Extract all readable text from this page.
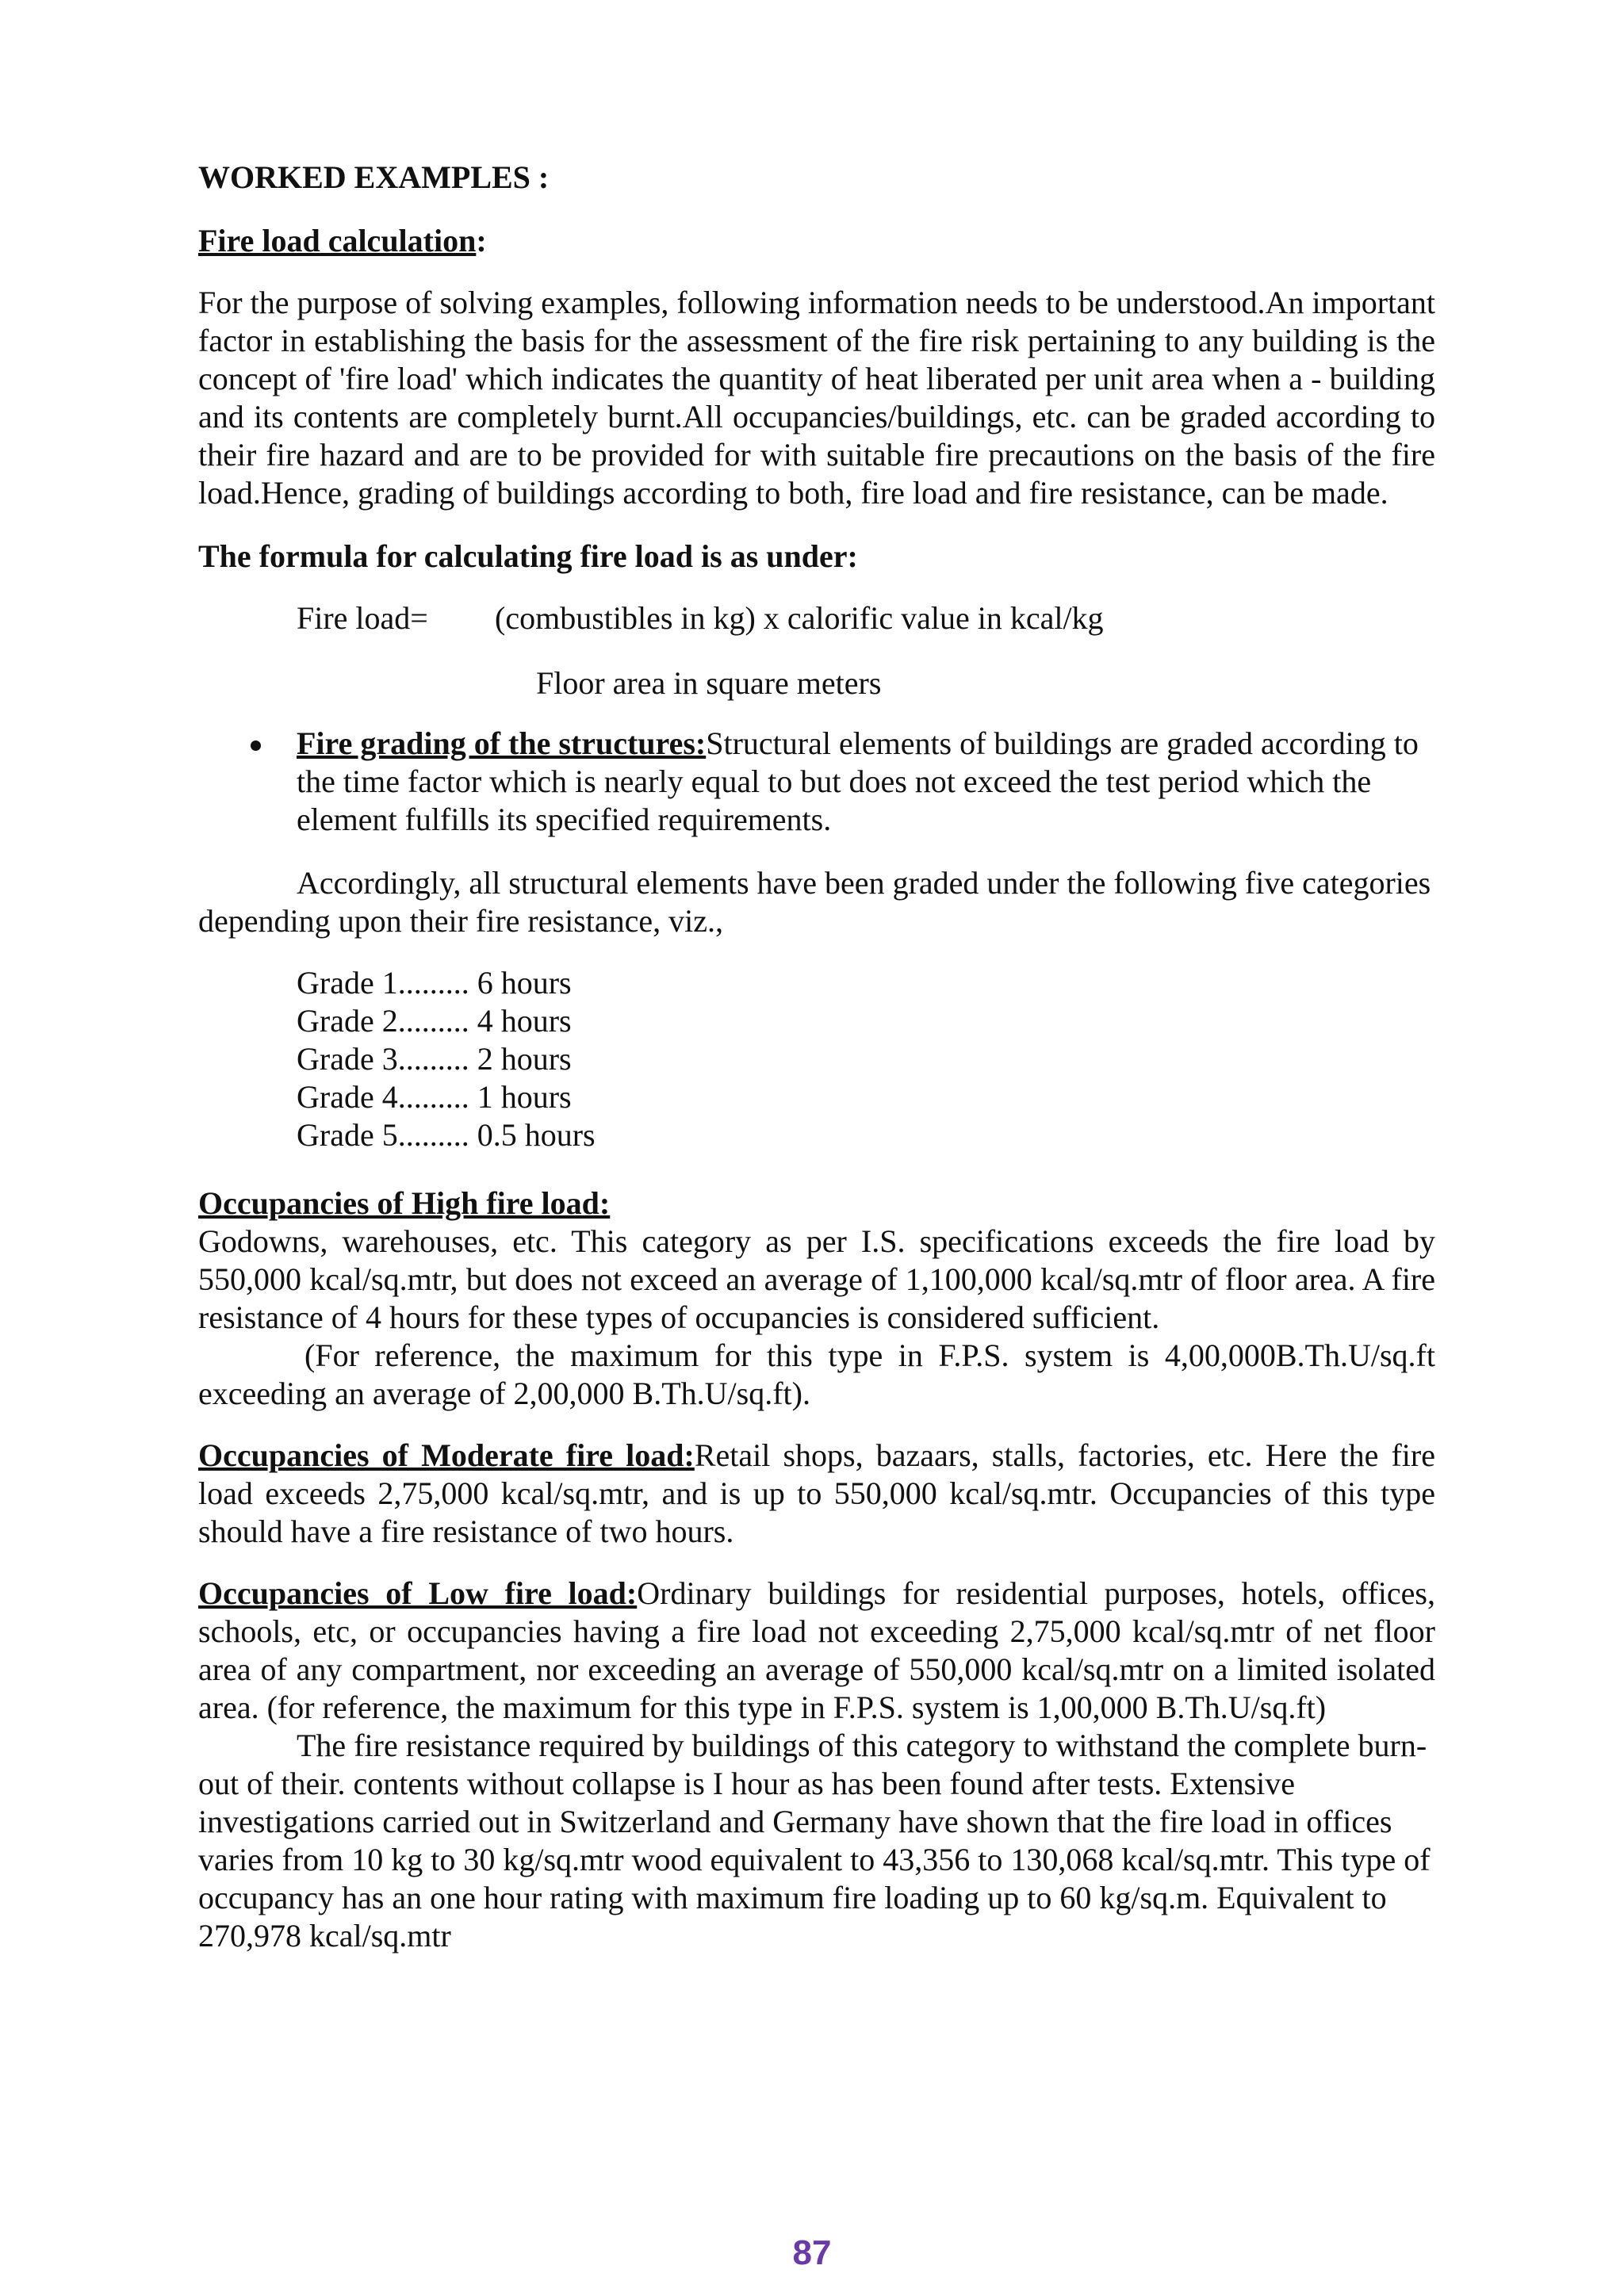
WORKED EXAMPLES :
Fire load calculation:

For the purpose of solving examples, following information needs to be understood.An important factor in establishing the basis for the assessment of the fire risk pertaining to any building is the concept of 'fire load' which indicates the quantity of heat liberated per unit area when a - building and its contents are completely burnt.All occupancies/buildings, etc. can be graded according to their fire hazard and are to be provided for with suitable fire precautions on the basis of the fire load.Hence, grading of buildings according to both, fire load and fire resistance, can be made.

The formula for calculating fire load is as under:
Fire load= (combustibles in kg) x calorific value in kcal/kg
Floor area in square meters
Fire grading of the structures:Structural elements of buildings are graded according to the time factor which is nearly equal to but does not exceed the test period which the element fulfills its specified requirements.

Accordingly, all structural elements have been graded under the following five categories depending upon their fire resistance, viz.,

Grade 1......... 6 hours
Grade 2......... 4 hours
Grade 3......... 2 hours
Grade 4......... 1 hours
Grade 5......... 0.5 hours
Occupancies of High fire load:

Godowns, warehouses, etc. This category as per I.S. specifications exceeds the fire load by 550,000 kcal/sq.mtr, but does not exceed an average of 1,100,000 kcal/sq.mtr of floor area. A fire resistance of 4 hours for these types of occupancies is considered sufficient.

(For reference, the maximum for this type in F.P.S. system is 4,00,000B.Th.U/sq.ft exceeding an average of 2,00,000 B.Th.U/sq.ft).

Occupancies of Moderate fire load:Retail shops, bazaars, stalls, factories, etc. Here the fire load exceeds 2,75,000 kcal/sq.mtr, and is up to 550,000 kcal/sq.mtr. Occupancies of this type should have a fire resistance of two hours.

Occupancies of Low fire load:Ordinary buildings for residential purposes, hotels, offices, schools, etc, or occupancies having a fire load not exceeding 2,75,000 kcal/sq.mtr of net floor area of any compartment, nor exceeding an average of 550,000 kcal/sq.mtr on a limited isolated area. (for reference, the maximum for this type in F.P.S. system is 1,00,000 B.Th.U/sq.ft)

The fire resistance required by buildings of this category to withstand the complete burn-out of their. contents without collapse is I hour as has been found after tests. Extensive investigations carried out in Switzerland and Germany have shown that the fire load in offices varies from 10 kg to 30 kg/sq.mtr wood equivalent to 43,356 to 130,068 kcal/sq.mtr. This type of occupancy has an one hour rating with maximum fire loading up to 60 kg/sq.m. Equivalent to 270,978 kcal/sq.mtr

87
